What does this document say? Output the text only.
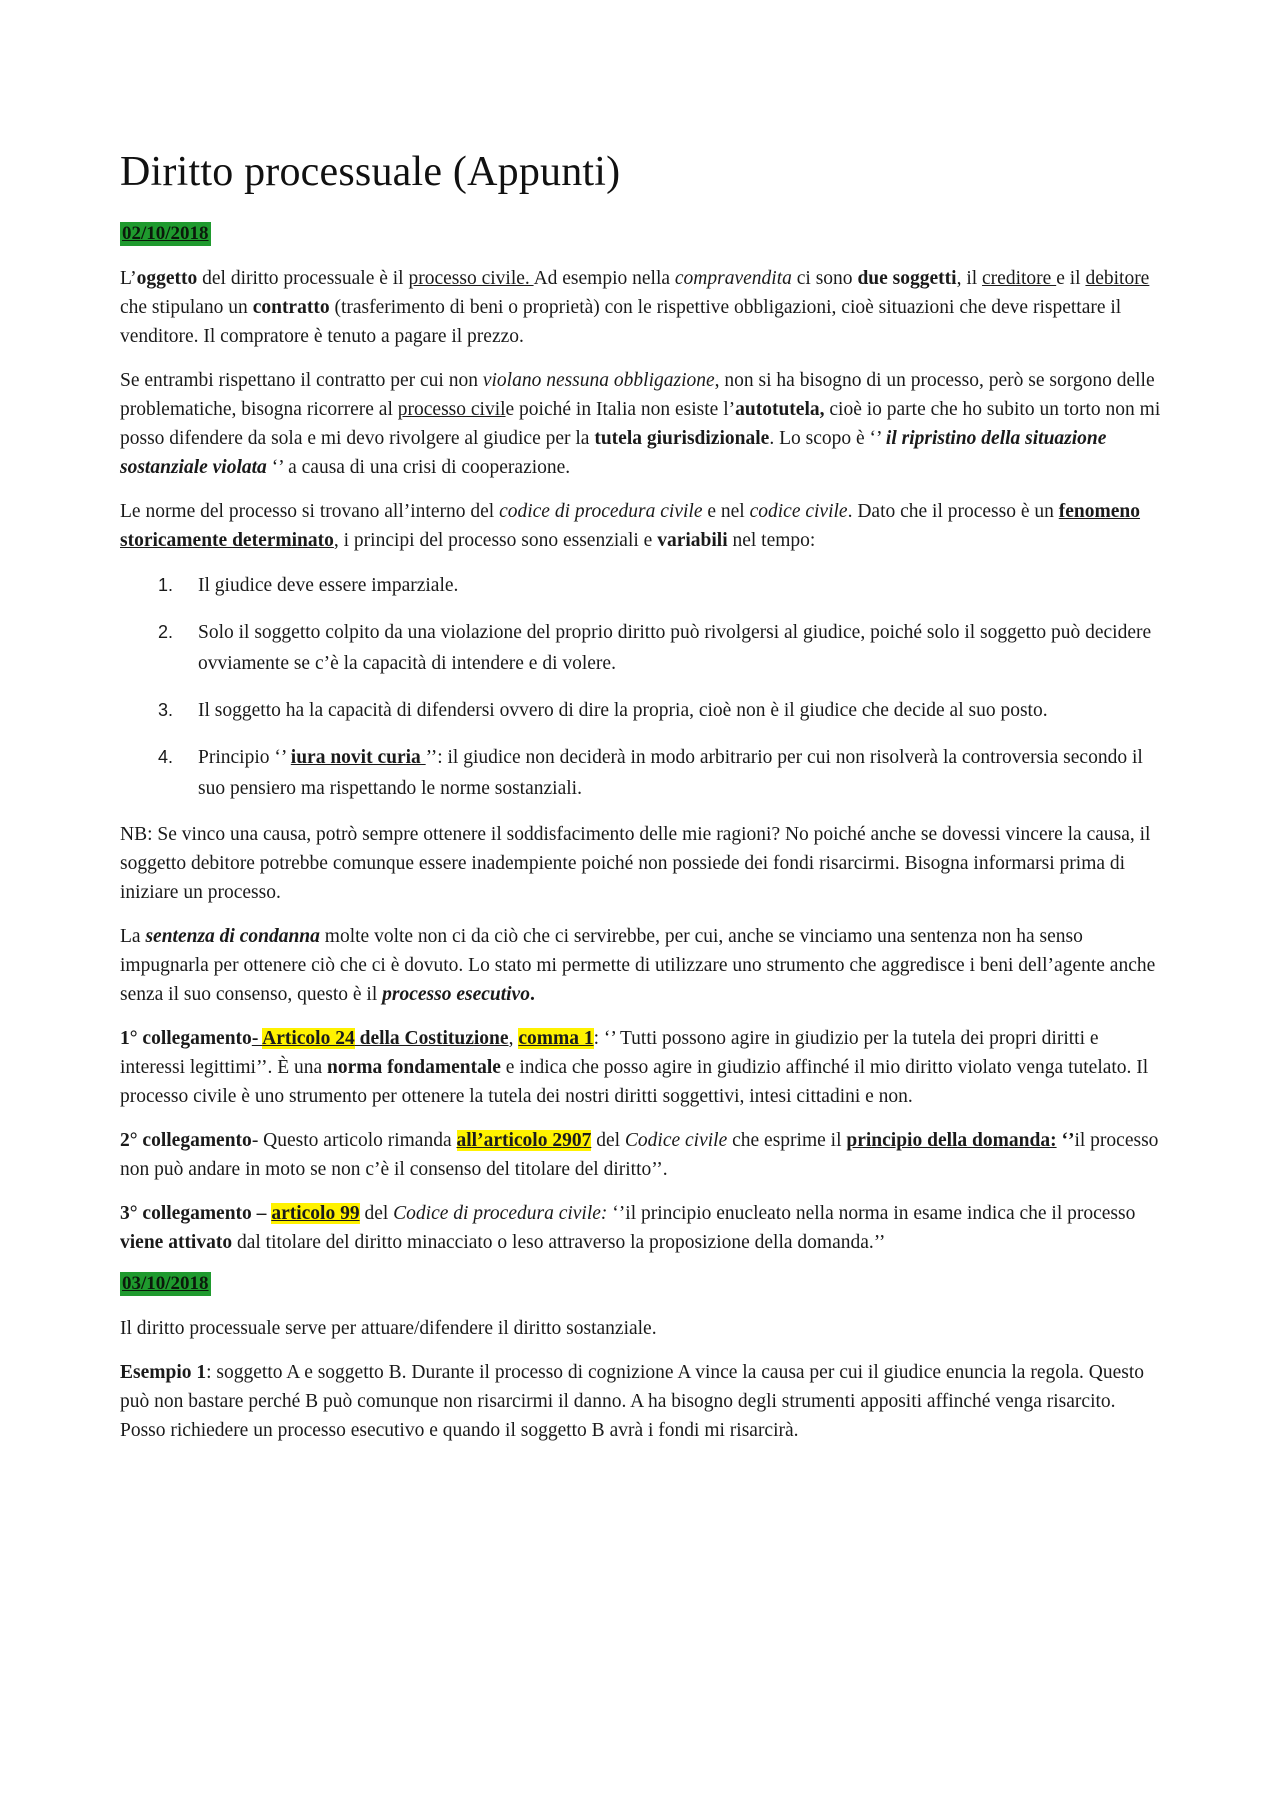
Diritto processuale (Appunti)
02/10/2018

L’oggetto del diritto processuale è il processo civile. Ad esempio nella compravendita ci sono due soggetti, il creditore e il debitore che stipulano un contratto (trasferimento di beni o proprietà) con le rispettive obbligazioni, cioè situazioni che deve rispettare il venditore. Il compratore è tenuto a pagare il prezzo.

Se entrambi rispettano il contratto per cui non violano nessuna obbligazione, non si ha bisogno di un processo, però se sorgono delle problematiche, bisogna ricorrere al processo civile poiché in Italia non esiste l’autotutela, cioè io parte che ho subito un torto non mi posso difendere da sola e mi devo rivolgere al giudice per la tutela giurisdizionale. Lo scopo è ‘’ il ripristino della situazione sostanziale violata ‘’ a causa di una crisi di cooperazione.

Le norme del processo si trovano all’interno del codice di procedura civile e nel codice civile. Dato che il processo è un fenomeno storicamente determinato, i principi del processo sono essenziali e variabili nel tempo:

1. Il giudice deve essere imparziale.
2. Solo il soggetto colpito da una violazione del proprio diritto può rivolgersi al giudice, poiché solo il soggetto può decidere ovviamente se c’è la capacità di intendere e di volere.
3. Il soggetto ha la capacità di difendersi ovvero di dire la propria, cioè non è il giudice che decide al suo posto.
4. Principio ‘’ iura novit curia ’’: il giudice non deciderà in modo arbitrario per cui non risolverà la controversia secondo il suo pensiero ma rispettando le norme sostanziali.

NB: Se vinco una causa, potrò sempre ottenere il soddisfacimento delle mie ragioni? No poiché anche se dovessi vincere la causa, il soggetto debitore potrebbe comunque essere inadempiente poiché non possiede dei fondi risarcirmi. Bisogna informarsi prima di iniziare un processo.

La sentenza di condanna molte volte non ci da ciò che ci servirebbe, per cui, anche se vinciamo una sentenza non ha senso impugnarla per ottenere ciò che ci è dovuto. Lo stato mi permette di utilizzare uno strumento che aggredisce i beni dell’agente anche senza il suo consenso, questo è il processo esecutivo.

1° collegamento- Articolo 24 della Costituzione, comma 1: ‘’ Tutti possono agire in giudizio per la tutela dei propri diritti e interessi legittimi’’. È una norma fondamentale e indica che posso agire in giudizio affinché il mio diritto violato venga tutelato. Il processo civile è uno strumento per ottenere la tutela dei nostri diritti soggettivi, intesi cittadini e non.

2° collegamento- Questo articolo rimanda all’articolo 2907 del Codice civile che esprime il principio della domanda: ‘’il processo non può andare in moto se non c’è il consenso del titolare del diritto’’.

3° collegamento – articolo 99 del Codice di procedura civile: ‘’il principio enucleato nella norma in esame indica che il processo viene attivato dal titolare del diritto minacciato o leso attraverso la proposizione della domanda.’’

03/10/2018

Il diritto processuale serve per attuare/difendere il diritto sostanziale.

Esempio 1: soggetto A e soggetto B. Durante il processo di cognizione A vince la causa per cui il giudice enuncia la regola. Questo può non bastare perché B può comunque non risarcirmi il danno. A ha bisogno degli strumenti appositi affinché venga risarcito. Posso richiedere un processo esecutivo e quando il soggetto B avrà i fondi mi risarcirà.
